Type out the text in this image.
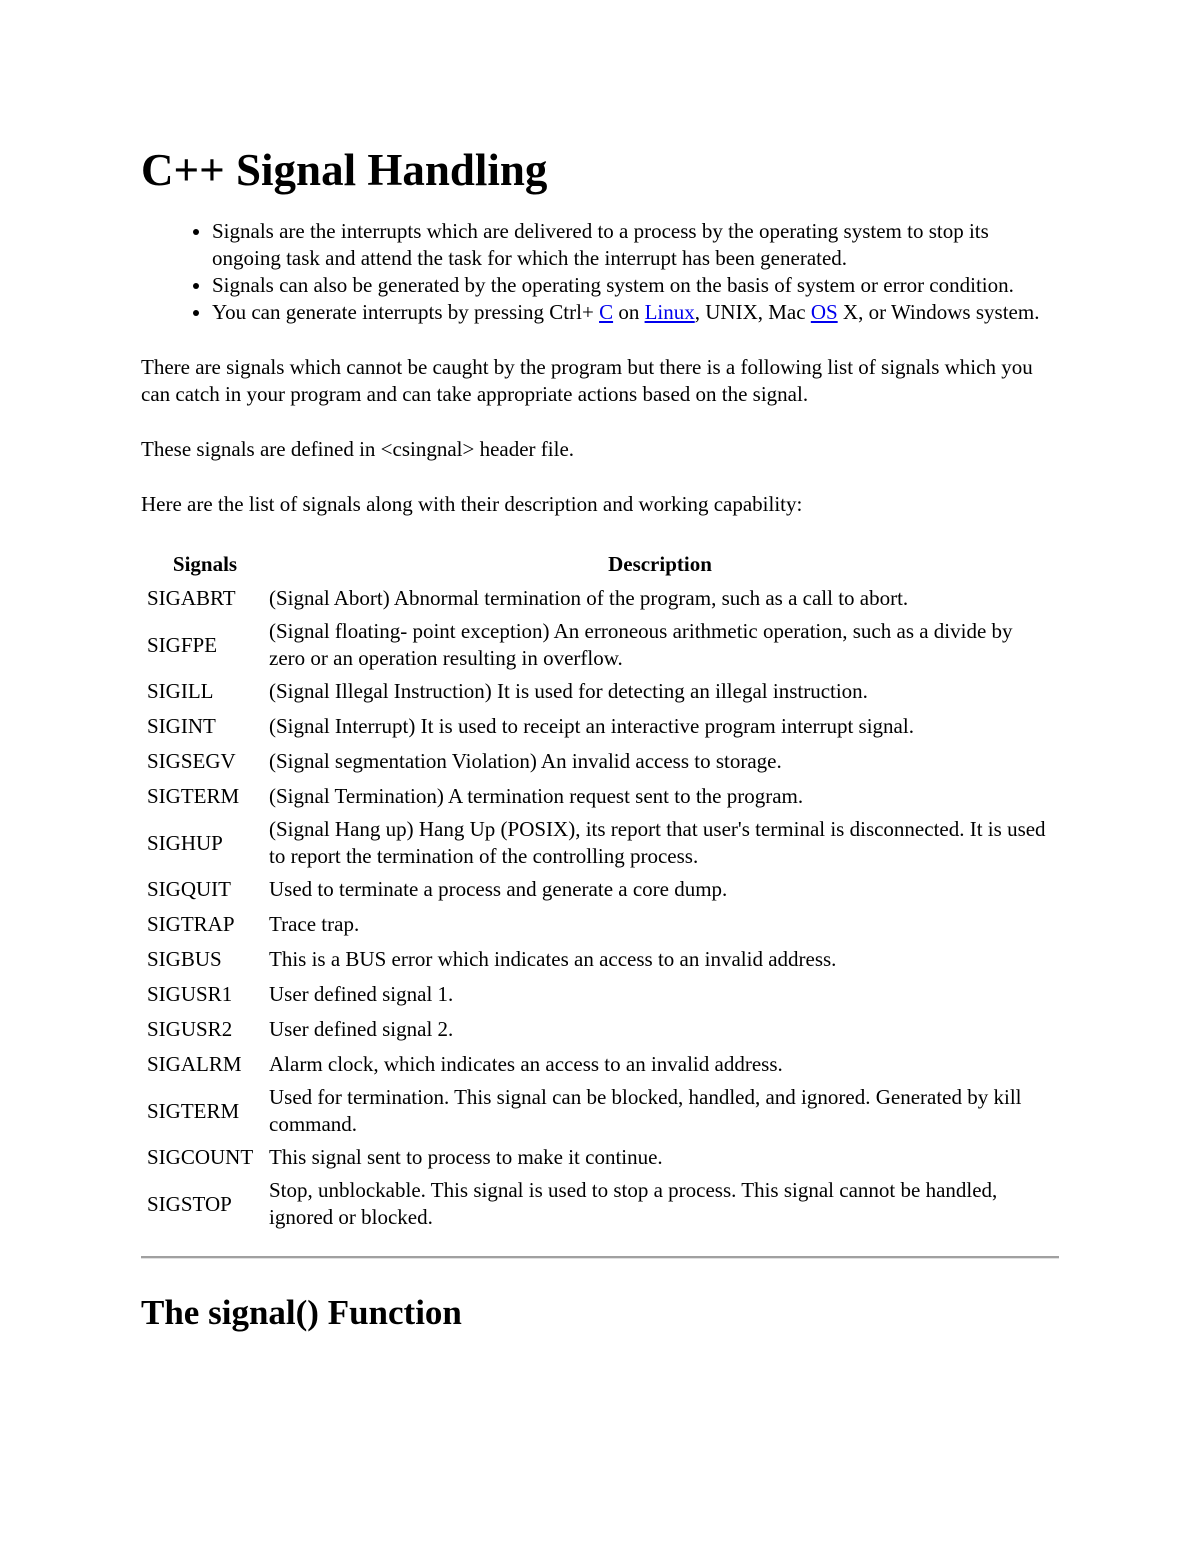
C++ Signal Handling
• Signals are the interrupts which are delivered to a process by the operating system to stop its ongoing task and attend the task for which the interrupt has been generated.
• Signals can also be generated by the operating system on the basis of system or error condition.
• You can generate interrupts by pressing Ctrl+ C on Linux, UNIX, Mac OS X, or Windows system.

There are signals which cannot be caught by the program but there is a following list of signals which you can catch in your program and can take appropriate actions based on the signal.

These signals are defined in <csingnal> header file.

Here are the list of signals along with their description and working capability:

Signals	Description
SIGABRT	(Signal Abort) Abnormal termination of the program, such as a call to abort.
SIGFPE	(Signal floating- point exception) An erroneous arithmetic operation, such as a divide by zero or an operation resulting in overflow.
SIGILL	(Signal Illegal Instruction) It is used for detecting an illegal instruction.
SIGINT	(Signal Interrupt) It is used to receipt an interactive program interrupt signal.
SIGSEGV	(Signal segmentation Violation) An invalid access to storage.
SIGTERM	(Signal Termination) A termination request sent to the program.
SIGHUP	(Signal Hang up) Hang Up (POSIX), its report that user's terminal is disconnected. It is used to report the termination of the controlling process.
SIGQUIT	Used to terminate a process and generate a core dump.
SIGTRAP	Trace trap.
SIGBUS	This is a BUS error which indicates an access to an invalid address.
SIGUSR1	User defined signal 1.
SIGUSR2	User defined signal 2.
SIGALRM	Alarm clock, which indicates an access to an invalid address.
SIGTERM	Used for termination. This signal can be blocked, handled, and ignored. Generated by kill command.
SIGCOUNT	This signal sent to process to make it continue.
SIGSTOP	Stop, unblockable. This signal is used to stop a process. This signal cannot be handled, ignored or blocked.
The signal() Function
